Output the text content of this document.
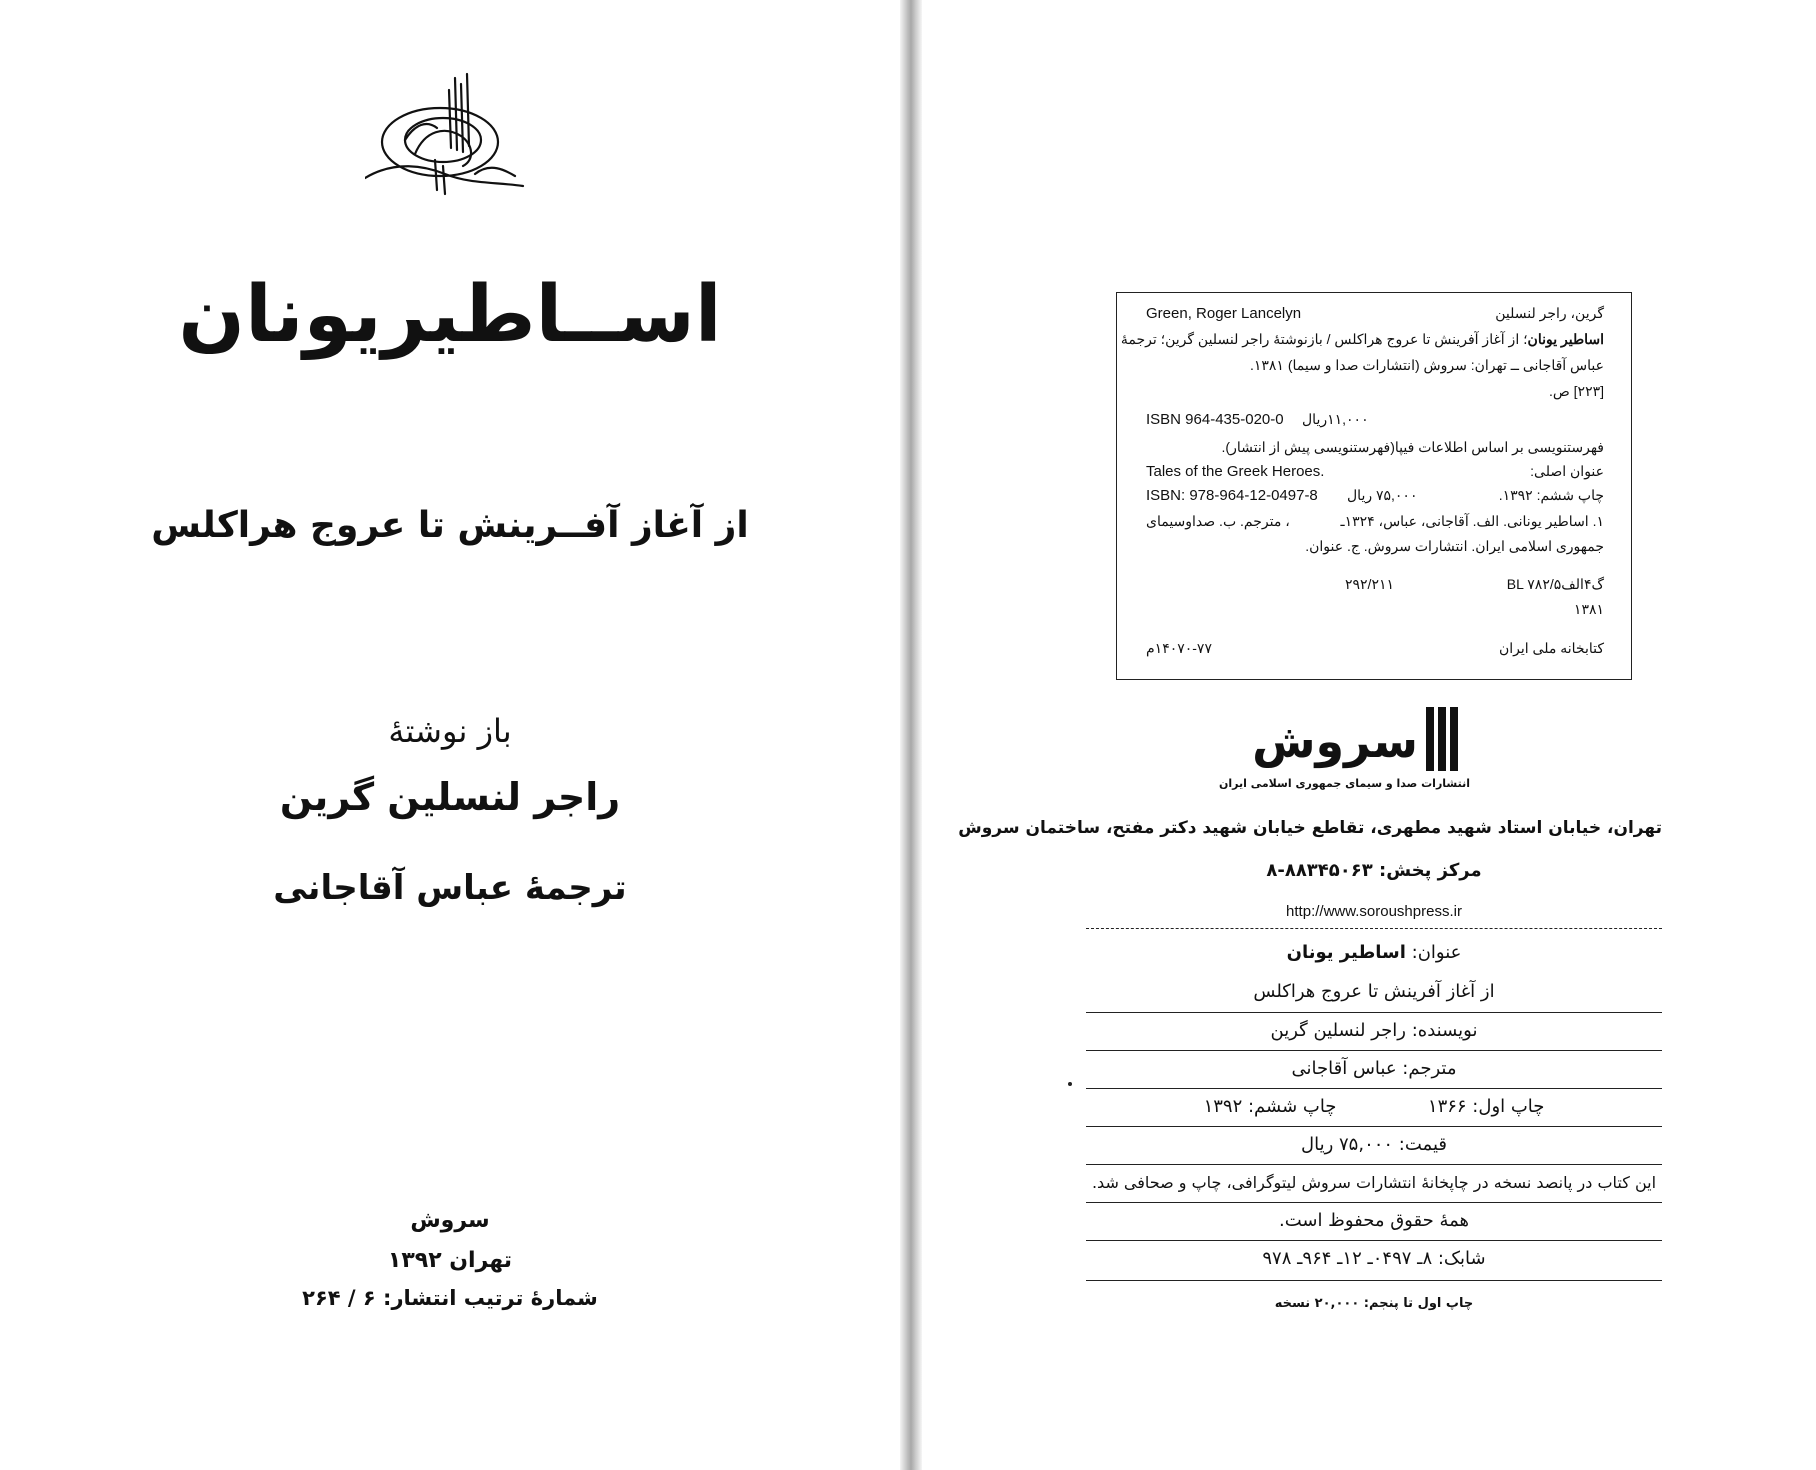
اســاطیریونان
از آغاز آفــرینش تا عروج هراکلس
باز نوشتهٔ
راجر لنسلین گرین
ترجمهٔ عباس آقاجانی
سروش
تهران ۱۳۹۲
شمارهٔ ترتیب انتشار: ۶ / ۲۶۴
Green, Roger Lancelyn	گرین، راجر لنسلین
اساطیر یونان؛ از آغاز آفرینش تا عروج هراکلس / بازنوشتهٔ راجر لنسلین گرین؛ ترجمهٔ
عباس آقاجانی ــ تهران: سروش (انتشارات صدا و سیما) ۱۳۸۱.
[۲۲۳] ص.
ISBN 964-435-020-0 ۱۱,۰۰۰ریال
فهرستنویسی بر اساس اطلاعات فیپا(فهرستنویسی پیش از انتشار).
Tales of the Greek Heroes.	عنوان اصلی:
ISBN: 978-964-12-0497-8 ۷۵,۰۰۰ ریال	چاپ ششم: ۱۳۹۲.
، مترجم. ب. صداوسیمای	۱. اساطیر یونانی. الف. آقاجانی، عباس، ۱۳۲۴ـ
جمهوری اسلامی ایران. انتشارات سروش. ج. عنوان.
۲۹۲/۲۱۱	BL ۷۸۲/گ۴الف۵
۱۳۸۱
۱۴۰۷۰-۷۷م	کتابخانه ملی ایران
سروش
انتشارات صدا و سیمای جمهوری اسلامی ایران
تهران، خیابان استاد شهید مطهری، تقاطع خیابان شهید دکتر مفتح، ساختمان سروش
مرکز پخش: ۸۸۳۴۵۰۶۳-۸
http://www.soroushpress.ir
عنوان: اساطیر یونان
از آغاز آفرینش تا عروج هراکلس
نویسنده: راجر لنسلین گرین
مترجم: عباس آقاجانی
چاپ اول: ۱۳۶۶  چاپ ششم: ۱۳۹۲
قیمت: ۷۵,۰۰۰ ریال
این کتاب در پانصد نسخه در چاپخانهٔ انتشارات سروش لیتوگرافی، چاپ و صحافی شد.
همهٔ حقوق محفوظ است.
شابک: ۸ـ ۰۴۹۷ـ ۱۲ـ ۹۶۴ـ ۹۷۸
چاپ اول تا پنجم: ۲۰,۰۰۰ نسخه
